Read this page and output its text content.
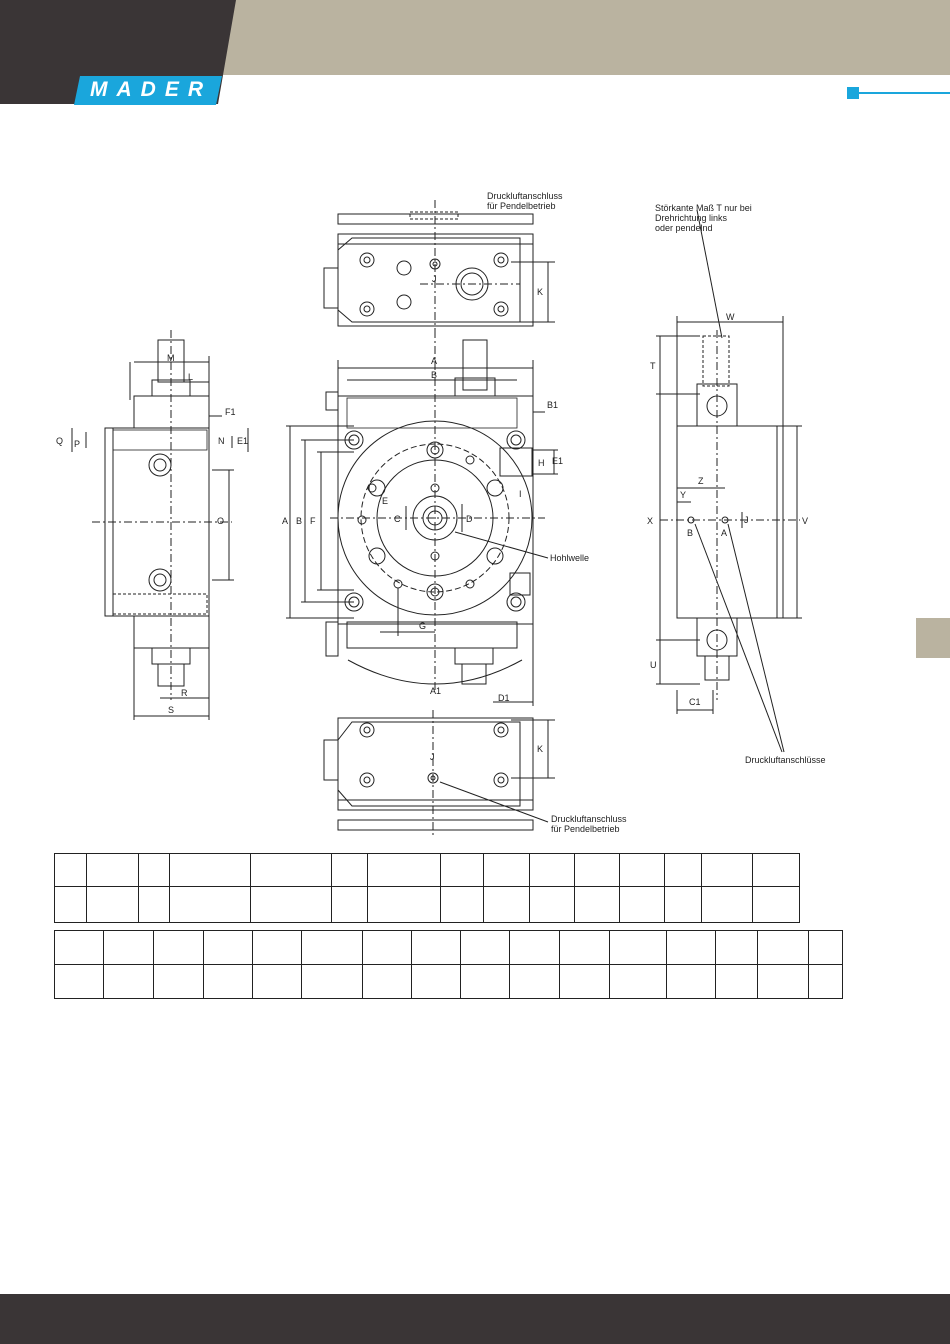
MADER
Druckluftanschluss
für Pendelbetrieb	Störkante Maß T nur bei
Drehrichtung links
oder pendelnd
Hohlwelle
Druckluftanschluss
für Pendelbetrieb
Druckluftanschlüsse
A
B
B1
A1
D1	C1
C	D
E
E1
E1
F
F1
G
H
I
J
J
J
K
K
L
M
N
O
P
Q
R
S
T
U
V
W
X
Y
Z
B	A
A B
